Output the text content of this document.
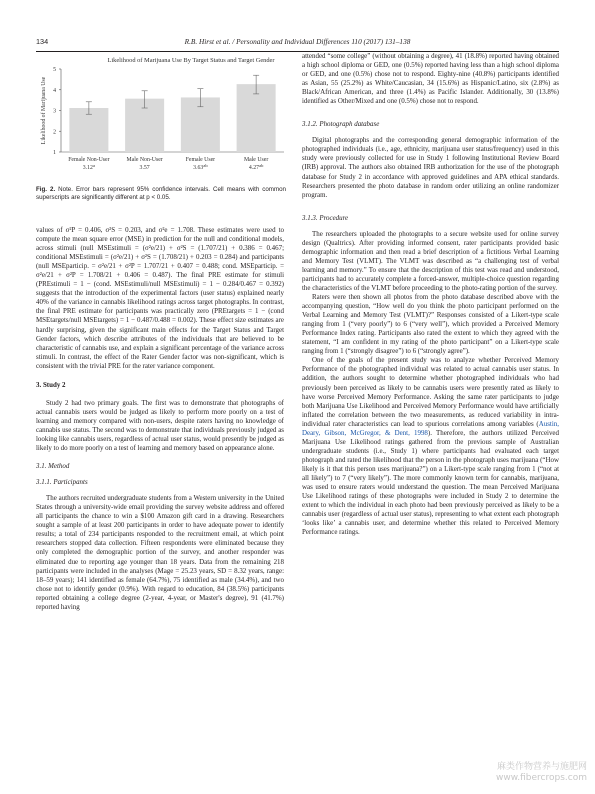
134	R.B. Hirst et al. / Personality and Individual Differences 110 (2017) 131–138
Likelihood of Marijuana Use By Target Status and Target Gender
1
2
3
4
5
Likelihood of Marijuana Use
Female Non-User
3.12$^a$
Male Non-User
3.57
Female User
3.63$^{ab}$
Male User
4.27$^{ab}$
Fig. 2. Note. Error bars represent 95% confidence intervals. Cell means with common superscripts are significantly different at p < 0.05.

values of σ²P = 0.406, σ²S = 0.203, and σ²e = 1.708. These estimates were used to compute the mean square error (MSE) in prediction for the null and conditional models, across stimuli (null MSEstimuli = (σ²e/21) + σ²S = (1.707/21) + 0.386 = 0.467; conditional MSEstimuli = (σ²e/21) + σ²S = (1.708/21) + 0.203 = 0.284) and participants (null MSEparticip. = σ²e/21 + σ²P = 1.707/21 + 0.407 = 0.488; cond. MSEparticip. = σ²e/21 + σ²P = 1.708/21 + 0.406 = 0.487). The final PRE estimate for stimuli (PREstimuli = 1 − (cond. MSEstimuli/null MSEstimuli) = 1 − 0.284/0.467 = 0.392) suggests that the introduction of the experimental factors (user status) explained nearly 40% of the variance in cannabis likelihood ratings across target photographs. In contrast, the final PRE estimate for participants was practically zero (PREtargets = 1 − (cond MSEtargets/null MSEtargets) = 1 − 0.487/0.488 = 0.002). These effect size estimates are hardly surprising, given the significant main effects for the Target Status and Target Gender factors, which describe attributes of the individuals that are believed to be characteristic of cannabis use, and explain a significant percentage of the variance across stimuli. In contrast, the effect of the Rater Gender factor was non-significant, which is consistent with the trivial PRE for the rater variance component.

3. Study 2

Study 2 had two primary goals. The first was to demonstrate that photographs of actual cannabis users would be judged as likely to perform more poorly on a test of learning and memory compared with non-users, despite raters having no knowledge of cannabis use status. The second was to demonstrate that individuals previously judged as looking like cannabis users, regardless of actual user status, would presently be judged as likely to do more poorly on a test of learning and memory based on appearance alone.

3.1. Method
3.1.1. Participants

The authors recruited undergraduate students from a Western university in the United States through a university-wide email providing the survey website address and offered all participants the chance to win a $100 Amazon gift card in a drawing. Researchers sought a sample of at least 200 participants in order to have adequate power to identify results; a total of 234 participants responded to the recruitment email, at which point researchers stopped data collection. Fifteen respondents were eliminated because they only completed the demographic portion of the survey, and another responder was eliminated due to reporting age younger than 18 years. Data from the remaining 218 participants were included in the analyses (Mage = 25.23 years, SD = 8.32 years, range: 18–59 years); 141 identified as female (64.7%), 75 identified as male (34.4%), and two chose not to identify gender (0.9%). With regard to education, 84 (38.5%) participants reported obtaining a college degree (2-year, 4-year, or Master's degree), 91 (41.7%) reported having

attended “some college” (without obtaining a degree), 41 (18.8%) reported having obtained a high school diploma or GED, one (0.5%) reported having less than a high school diploma or GED, and one (0.5%) chose not to respond. Eighty-nine (40.8%) participants identified as Asian, 55 (25.2%) as White/Caucasian, 34 (15.6%) as Hispanic/Latino, six (2.8%) as Black/African American, and three (1.4%) as Pacific Islander. Additionally, 30 (13.8%) identified as Other/Mixed and one (0.5%) chose not to respond.

3.1.2. Photograph database

Digital photographs and the corresponding general demographic information of the photographed individuals (i.e., age, ethnicity, marijuana user status/frequency) used in this study were previously collected for use in Study 1 following Institutional Review Board (IRB) approval. The authors also obtained IRB authorization for the use of the photograph database for Study 2 in accordance with approved guidelines and APA ethical standards. Researchers presented the photo database in random order utilizing an online randomizer program.

3.1.3. Procedure

The researchers uploaded the photographs to a secure website used for online survey design (Qualtrics). After providing informed consent, rater participants provided basic demographic information and then read a brief description of a fictitious Verbal Learning and Memory Test (VLMT). The VLMT was described as “a challenging test of verbal learning and memory.” To ensure that the description of this test was read and understood, participants had to accurately complete a forced-answer, multiple-choice question regarding the characteristics of the VLMT before proceeding to the photo-rating portion of the survey.

Raters were then shown all photos from the photo database described above with the accompanying question, “How well do you think the photo participant performed on the Verbal Learning and Memory Test (VLMT)?” Responses consisted of a Likert-type scale ranging from 1 (“very poorly”) to 6 (“very well”), which provided a Perceived Memory Performance Index rating. Participants also rated the extent to which they agreed with the statement, “I am confident in my rating of the photo participant” on a Likert-type scale ranging from 1 (“strongly disagree”) to 6 (“strongly agree”).

One of the goals of the present study was to analyze whether Perceived Memory Performance of the photographed individual was related to actual cannabis user status. In addition, the authors sought to determine whether photographed individuals who had previously been perceived as likely to be cannabis users were presently rated as likely to have worse Perceived Memory Performance. Asking the same rater participants to judge both Marijuana Use Likelihood and Perceived Memory Performance would have artificially inflated the correlation between the two measurements, as reduced variability in intra-individual rater characteristics can lead to spurious correlations among variables (Austin, Deary, Gibson, McGregor, & Dent, 1998). Therefore, the authors utilized Perceived Marijuana Use Likelihood ratings gathered from the previous sample of Australian undergraduate students (i.e., Study 1) where participants had evaluated each target photograph and rated the likelihood that the person in the photograph uses marijuana (“How likely is it that this person uses marijuana?”) on a Likert-type scale ranging from 1 (“not at all likely”) to 7 (“very likely”). The more commonly known term for cannabis, marijuana, was used to ensure raters would understand the question. The mean Perceived Marijuana Use Likelihood ratings of these photographs were included in Study 2 to determine the extent to which the individual in each photo had been previously perceived as likely to be a cannabis user (regardless of actual user status), representing to what extent each photograph ‘looks like’ a cannabis user, and determine whether this related to Perceived Memory Performance ratings.

麻类作物营养与施肥网
www.fibercrops.com
